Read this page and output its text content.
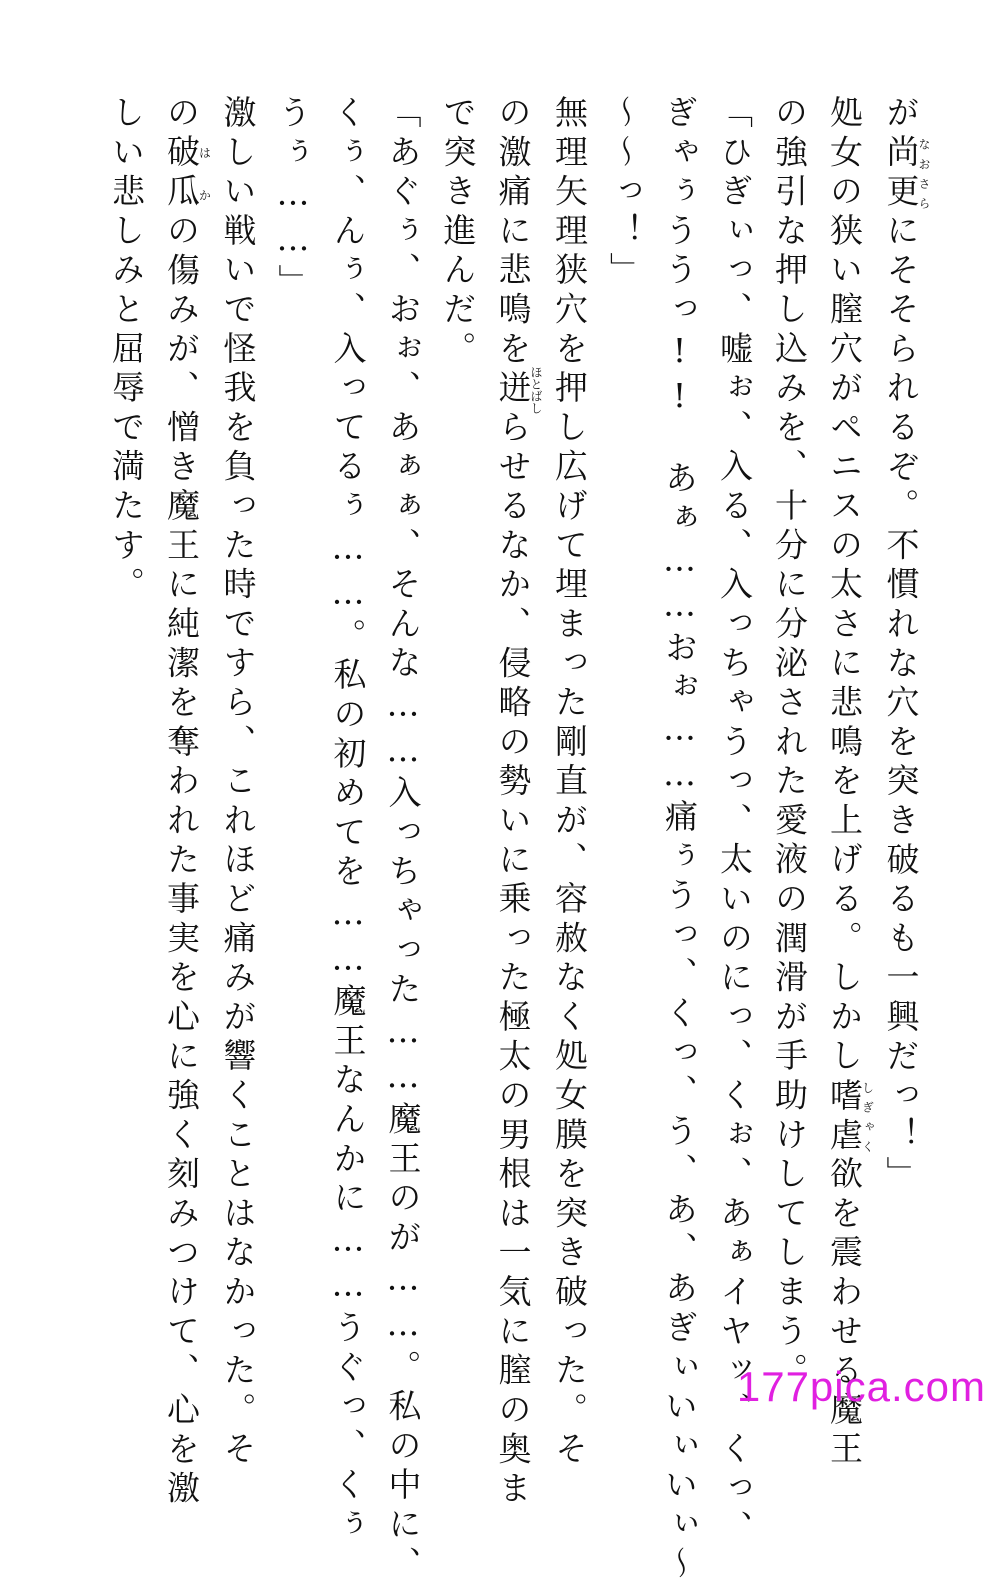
が尚更なおさらにそそられるぞ。不慣れな穴を突き破るも一興だっ！」

処女の狭い膣穴がペニスの太さに悲鳴を上げる。しかし嗜虐しぎゃく欲を震わせる魔王

の強引な押し込みを、十分に分泌された愛液の潤滑が手助けしてしまう。

「ひぎぃっ、嘘ぉ、入る、入っちゃうっ、太いのにっ、くぉ、あぁイヤッ、くっ、

ぎゃぅううっ!!　あぁ……おぉ……痛ぅうっ、くっ、う、あ、あぎぃいぃいぃ〜

〜〜っ！」

無理矢理狭穴を押し広げて埋まった剛直が、容赦なく処女膜を突き破った。そ

の激痛に悲鳴を迸ほとばしらせるなか、侵略の勢いに乗った極太の男根は一気に膣の奥ま

で突き進んだ。

「あぐぅ、おぉ、あぁぁ、そんな……入っちゃった……魔王のが……。私の中に、

くぅ、んぅ、入ってるぅ……。私の初めてを……魔王なんかに……うぐっ、くぅ

うぅ……」

激しい戦いで怪我を負った時ですら、これほど痛みが響くことはなかった。そ

の破瓜はかの傷みが、憎き魔王に純潔を奪われた事実を心に強く刻みつけて、心を激

しい悲しみと屈辱で満たす。

177pica.com
